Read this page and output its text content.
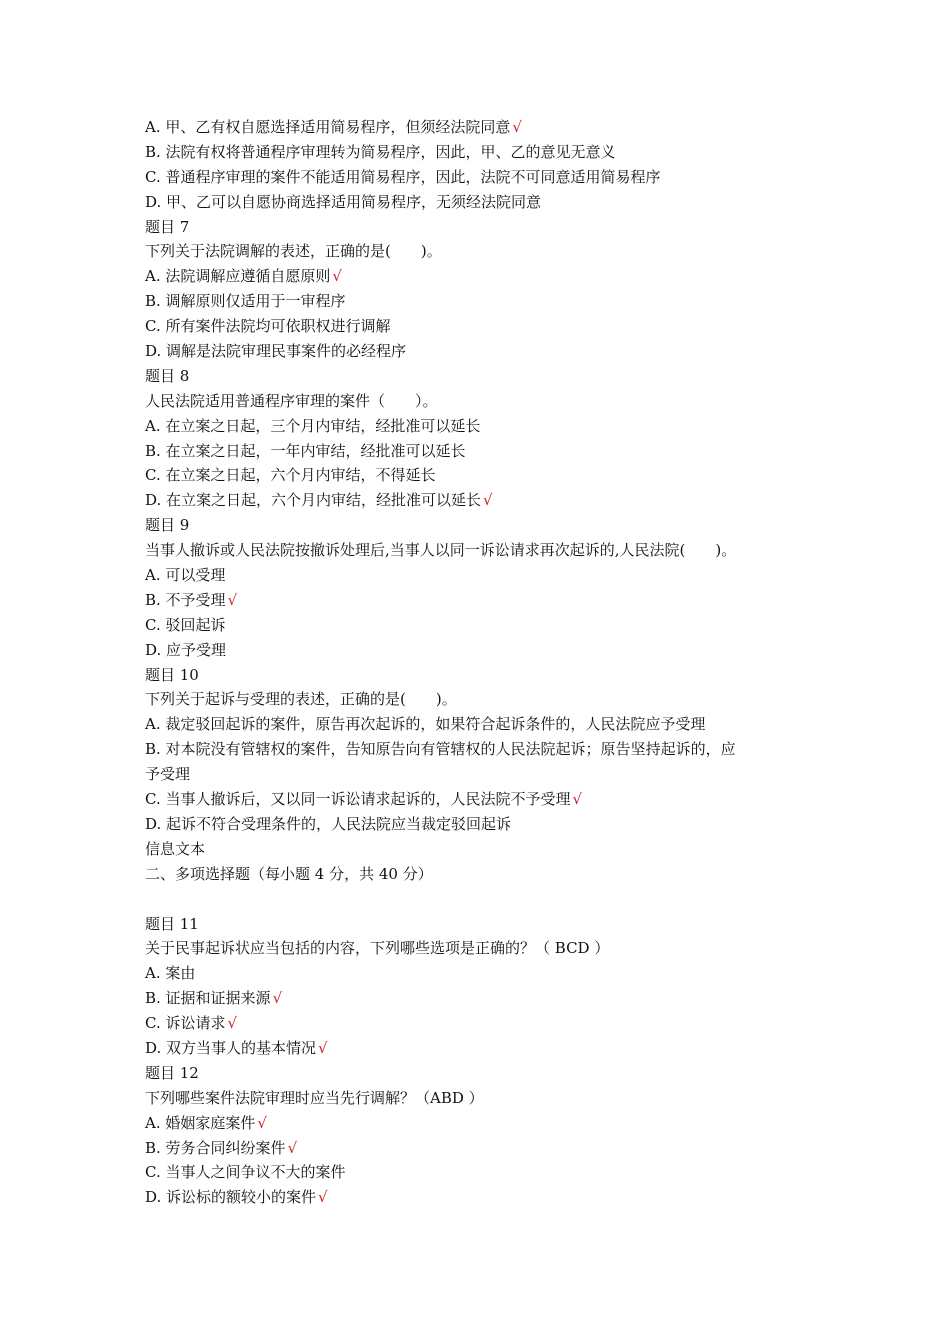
A. 甲、乙有权自愿选择适用简易程序，但须经法院同意 √
B. 法院有权将普通程序审理转为简易程序，因此，甲、乙的意见无意义
C. 普通程序审理的案件不能适用简易程序，因此，法院不可同意适用简易程序
D. 甲、乙可以自愿协商选择适用简易程序，无须经法院同意
题目 7
下列关于法院调解的表述，正确的是(　　)。
A. 法院调解应遵循自愿原则 √
B. 调解原则仅适用于一审程序
C. 所有案件法院均可依职权进行调解
D. 调解是法院审理民事案件的必经程序
题目 8
人民法院适用普通程序审理的案件（　　）。
A. 在立案之日起，三个月内审结，经批准可以延长
B. 在立案之日起，一年内审结，经批准可以延长
C. 在立案之日起，六个月内审结，不得延长
D. 在立案之日起，六个月内审结，经批准可以延长 √
题目 9
当事人撤诉或人民法院按撤诉处理后,当事人以同一诉讼请求再次起诉的,人民法院(　　)。
A. 可以受理
B. 不予受理 √
C. 驳回起诉
D. 应予受理
题目 10
下列关于起诉与受理的表述，正确的是(　　)。
A. 裁定驳回起诉的案件，原告再次起诉的，如果符合起诉条件的，人民法院应予受理
B. 对本院没有管辖权的案件，告知原告向有管辖权的人民法院起诉；原告坚持起诉的，应
予受理
C. 当事人撤诉后，又以同一诉讼请求起诉的，人民法院不予受理 √
D. 起诉不符合受理条件的，人民法院应当裁定驳回起诉
信息文本
二、多项选择题（每小题 4 分，共 40 分）
题目 11
关于民事起诉状应当包括的内容，下列哪些选项是正确的？（ BCD ）
A. 案由
B. 证据和证据来源 √
C. 诉讼请求 √
D. 双方当事人的基本情况 √
题目 12
下列哪些案件法院审理时应当先行调解？（ABD ）
A. 婚姻家庭案件 √
B. 劳务合同纠纷案件 √
C. 当事人之间争议不大的案件
D. 诉讼标的额较小的案件 √
